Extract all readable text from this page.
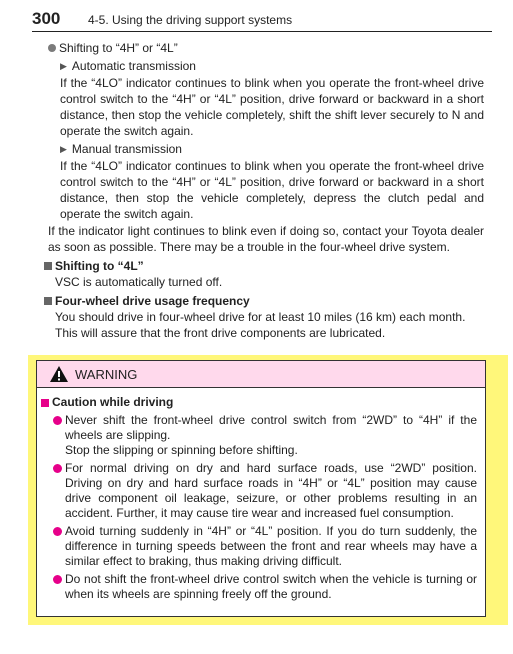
300 4-5. Using the driving support systems
Shifting to “4H” or “4L”
▶ Automatic transmission
If the “4LO” indicator continues to blink when you operate the front-wheel drive control switch to the “4H” or “4L” position, drive forward or backward in a short distance, then stop the vehicle completely, shift the shift lever securely to N and operate the switch again.
▶ Manual transmission
If the “4LO” indicator continues to blink when you operate the front-wheel drive control switch to the “4H” or “4L” position, drive forward or backward in a short distance, then stop the vehicle completely, depress the clutch pedal and operate the switch again.
If the indicator light continues to blink even if doing so, contact your Toyota dealer as soon as possible. There may be a trouble in the four-wheel drive system.
Shifting to “4L”
VSC is automatically turned off.
Four-wheel drive usage frequency
You should drive in four-wheel drive for at least 10 miles (16 km) each month. This will assure that the front drive components are lubricated.
WARNING
Caution while driving
Never shift the front-wheel drive control switch from “2WD” to “4H” if the wheels are slipping.
Stop the slipping or spinning before shifting.
For normal driving on dry and hard surface roads, use “2WD” position. Driving on dry and hard surface roads in “4H” or “4L” position may cause drive component oil leakage, seizure, or other problems resulting in an accident. Further, it may cause tire wear and increased fuel consumption.
Avoid turning suddenly in “4H” or “4L” position. If you do turn suddenly, the difference in turning speeds between the front and rear wheels may have a similar effect to braking, thus making driving difficult.
Do not shift the front-wheel drive control switch when the vehicle is turning or when its wheels are spinning freely off the ground.
